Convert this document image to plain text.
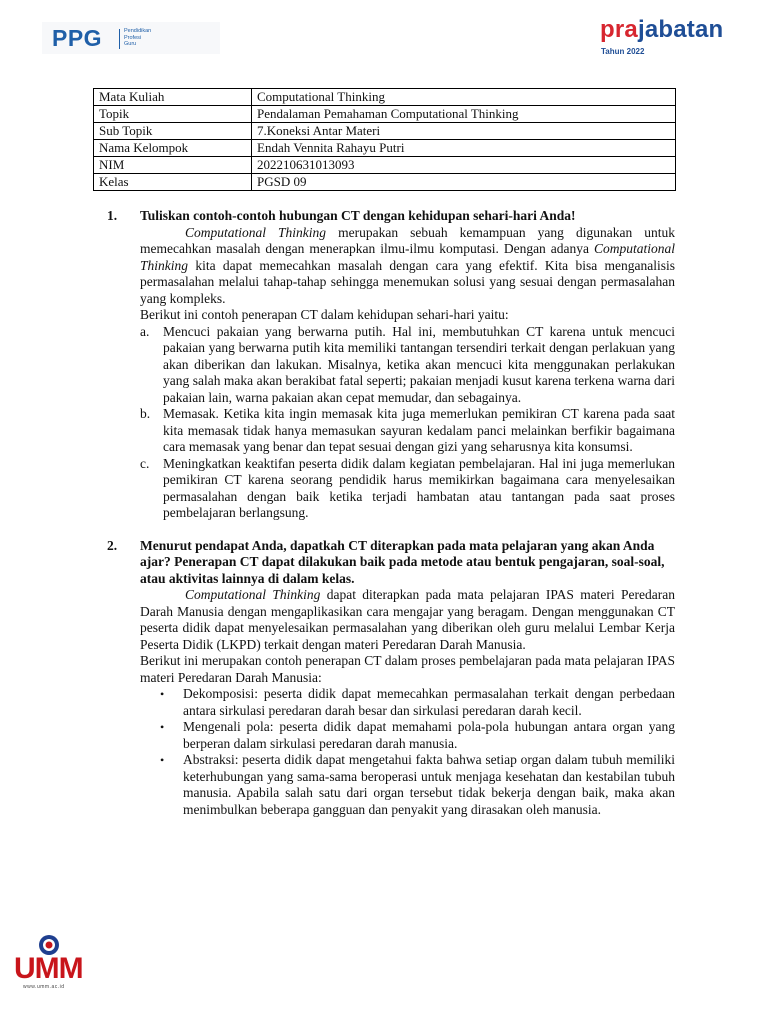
PPG	Pendidikan
Profesi
Guru
prajabatan
Tahun 2022
Mata Kuliah	Computational Thinking
Topik	Pendalaman Pemahaman Computational Thinking
Sub Topik	7.Koneksi Antar Materi
Nama Kelompok	Endah Vennita Rahayu Putri
NIM	202210631013093
Kelas	PGSD 09
1.	Tuliskan contoh-contoh hubungan CT dengan kehidupan sehari-hari Anda!
Computational Thinking merupakan sebuah kemampuan yang digunakan untuk memecahkan masalah dengan menerapkan ilmu-ilmu komputasi. Dengan adanya Computational Thinking kita dapat memecahkan masalah dengan cara yang efektif. Kita bisa menganalisis permasalahan melalui tahap-tahap sehingga menemukan solusi yang sesuai dengan permasalahan yang kompleks.
Berikut ini contoh penerapan CT dalam kehidupan sehari-hari yaitu:
a.	Mencuci pakaian yang berwarna putih. Hal ini, membutuhkan CT karena untuk mencuci pakaian yang berwarna putih kita memiliki tantangan tersendiri terkait dengan perlakuan yang akan diberikan dan lakukan. Misalnya, ketika akan mencuci kita menggunakan perlakukan yang salah maka akan berakibat fatal seperti; pakaian menjadi kusut karena terkena warna dari pakaian lain, warna pakaian akan cepat memudar, dan sebagainya.
b. Memasak. Ketika kita ingin memasak kita juga memerlukan pemikiran CT karena pada saat kita memasak tidak hanya memasukan sayuran kedalam panci melainkan berfikir bagaimana cara memasak yang benar dan tepat sesuai dengan gizi yang seharusnya kita konsumsi.
c.	Meningkatkan keaktifan peserta didik dalam kegiatan pembelajaran. Hal ini juga memerlukan pemikiran CT karena seorang pendidik harus memikirkan bagaimana cara menyelesaikan permasalahan dengan baik ketika terjadi hambatan atau tantangan pada saat proses pembelajaran berlangsung.
2.	Menurut pendapat Anda, dapatkah CT diterapkan pada mata pelajaran yang akan Anda ajar? Penerapan CT dapat dilakukan baik pada metode atau bentuk pengajaran, soal-soal, atau aktivitas lainnya di dalam kelas.
Computational Thinking dapat diterapkan pada mata pelajaran IPAS materi Peredaran Darah Manusia dengan mengaplikasikan cara mengajar yang beragam. Dengan menggunakan CT peserta didik dapat menyelesaikan permasalahan yang diberikan oleh guru melalui Lembar Kerja Peserta Didik (LKPD) terkait dengan materi Peredaran Darah Manusia.
Berikut ini merupakan contoh penerapan CT dalam proses pembelajaran pada mata pelajaran IPAS materi Peredaran Darah Manusia:
•	Dekomposisi: peserta didik dapat memecahkan permasalahan terkait dengan perbedaan antara sirkulasi peredaran darah besar dan sirkulasi peredaran darah kecil.
•	Mengenali pola: peserta didik dapat memahami pola-pola hubungan antara organ yang berperan dalam sirkulasi peredaran darah manusia.
•	Abstraksi: peserta didik dapat mengetahui fakta bahwa setiap organ dalam tubuh memiliki keterhubungan yang sama-sama beroperasi untuk menjaga kesehatan dan kestabilan tubuh manusia. Apabila salah satu dari organ tersebut tidak bekerja dengan baik, maka akan menimbulkan beberapa gangguan dan penyakit yang dirasakan oleh manusia.
UMM
www.umm.ac.id
